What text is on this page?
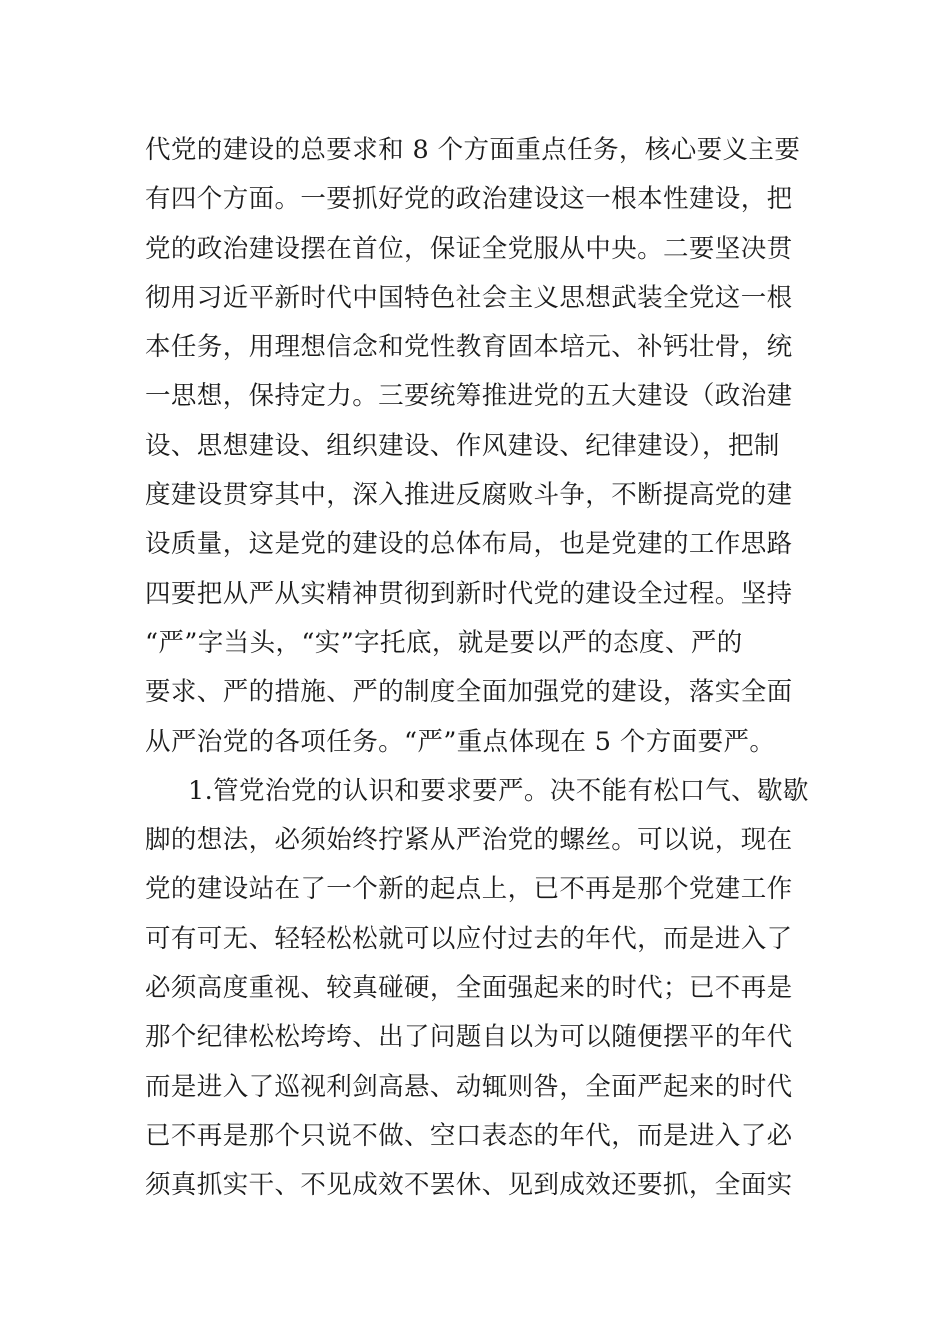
代党的建设的总要求和 8 个方面重点任务，核心要义主要
有四个方面。一要抓好党的政治建设这一根本性建设，把
党的政治建设摆在首位，保证全党服从中央。二要坚决贯
彻用习近平新时代中国特色社会主义思想武装全党这一根
本任务，用理想信念和党性教育固本培元、补钙壮骨，统
一思想，保持定力。三要统筹推进党的五大建设（政治建
设、思想建设、组织建设、作风建设、纪律建设），把制
度建设贯穿其中，深入推进反腐败斗争，不断提高党的建
设质量，这是党的建设的总体布局，也是党建的工作思路
四要把从严从实精神贯彻到新时代党的建设全过程。坚持
“严”字当头，“实”字托底，就是要以严的态度、严的
要求、严的措施、严的制度全面加强党的建设，落实全面
从严治党的各项任务。“严”重点体现在 5 个方面要严。
1.管党治党的认识和要求要严。决不能有松口气、歇歇
脚的想法，必须始终拧紧从严治党的螺丝。可以说，现在
党的建设站在了一个新的起点上，已不再是那个党建工作
可有可无、轻轻松松就可以应付过去的年代，而是进入了
必须高度重视、较真碰硬，全面强起来的时代；已不再是
那个纪律松松垮垮、出了问题自以为可以随便摆平的年代
而是进入了巡视利剑高悬、动辄则咎，全面严起来的时代
已不再是那个只说不做、空口表态的年代，而是进入了必
须真抓实干、不见成效不罢休、见到成效还要抓，全面实
